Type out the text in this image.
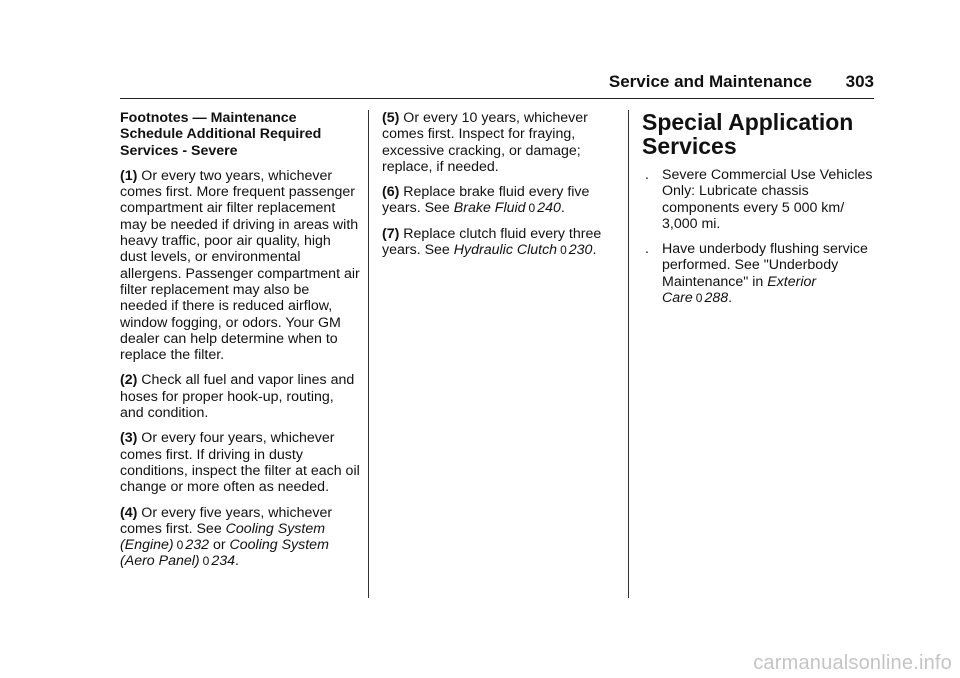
Service and Maintenance 303

Footnotes — Maintenance Schedule Additional Required Services - Severe

(1) Or every two years, whichever comes first. More frequent passenger compartment air filter replacement may be needed if driving in areas with heavy traffic, poor air quality, high dust levels, or environmental allergens. Passenger compartment air filter replacement may also be needed if there is reduced airflow, window fogging, or odors. Your GM dealer can help determine when to replace the filter.

(2) Check all fuel and vapor lines and hoses for proper hook-up, routing, and condition.

(3) Or every four years, whichever comes first. If driving in dusty conditions, inspect the filter at each oil change or more often as needed.

(4) Or every five years, whichever comes first. See Cooling System (Engine) 0 232 or Cooling System (Aero Panel) 0 234.

(5) Or every 10 years, whichever comes first. Inspect for fraying, excessive cracking, or damage; replace, if needed.

(6) Replace brake fluid every five years. See Brake Fluid 0 240.

(7) Replace clutch fluid every three years. See Hydraulic Clutch 0 230.

Special Application Services
. Severe Commercial Use Vehicles Only: Lubricate chassis components every 5 000 km/ 3,000 mi.
. Have underbody flushing service performed. See "Underbody Maintenance" in Exterior Care 0 288.
carmanualsonline.info
